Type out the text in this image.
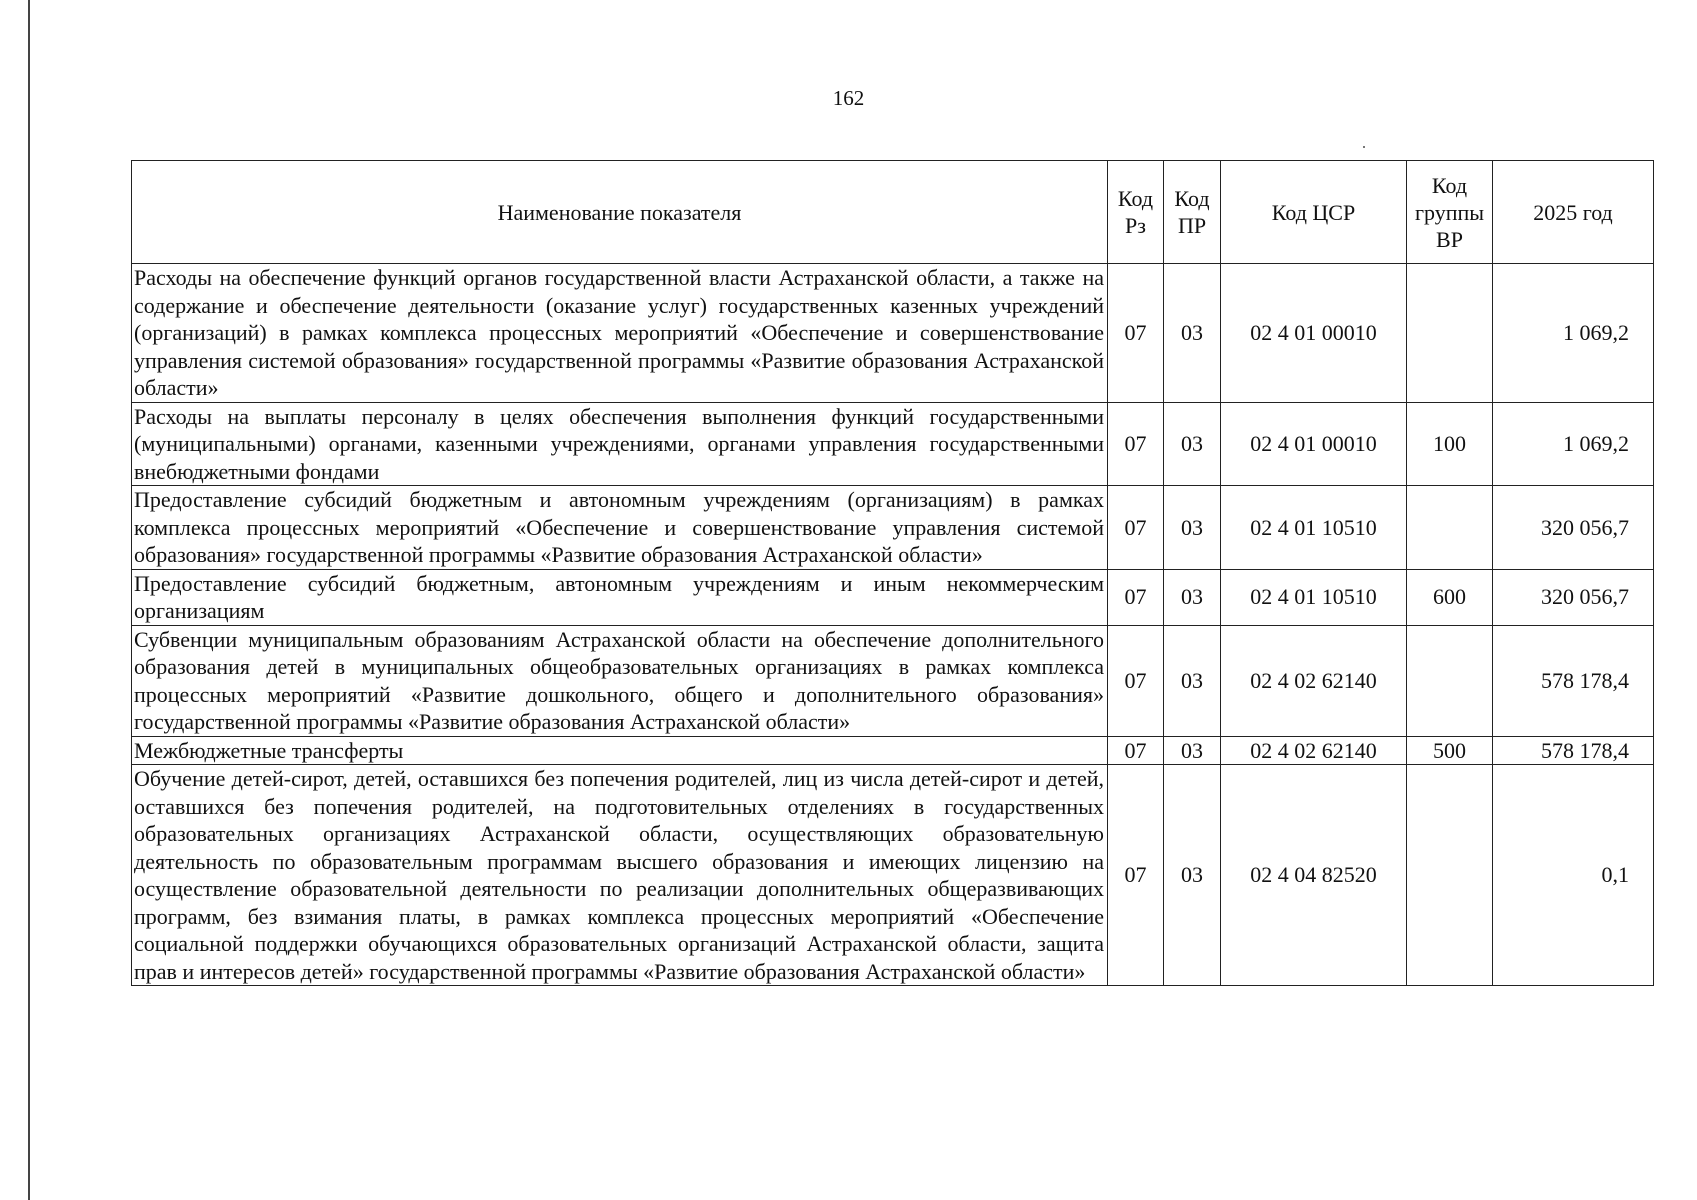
162
Наименование показателя	Код Рз	Код ПР	Код ЦСР	Код группы ВР	2025 год
Расходы на обеспечение функций органов государственной власти Астраханской области, а также на содержание и обеспечение деятельности (оказание услуг) государственных казенных учреждений (организаций) в рамках комплекса процессных мероприятий «Обеспечение и совершенствование управления системой образования» государственной программы «Развитие образования Астраханской области»	07	03	02 4 01 00010		1 069,2
Расходы на выплаты персоналу в целях обеспечения выполнения функций государственными (муниципальными) органами, казенными учреждениями, органами управления государственными внебюджетными фондами	07	03	02 4 01 00010	100	1 069,2
Предоставление субсидий бюджетным и автономным учреждениям (организациям) в рамках комплекса процессных мероприятий «Обеспечение и совершенствование управления системой образования» государственной программы «Развитие образования Астраханской области»	07	03	02 4 01 10510		320 056,7
Предоставление субсидий бюджетным, автономным учреждениям и иным некоммерческим организациям	07	03	02 4 01 10510	600	320 056,7
Субвенции муниципальным образованиям Астраханской области на обеспечение дополнительного образования детей в муниципальных общеобразовательных организациях в рамках комплекса процессных мероприятий «Развитие дошкольного, общего и дополнительного образования» государственной программы «Развитие образования Астраханской области»	07	03	02 4 02 62140		578 178,4
Межбюджетные трансферты	07	03	02 4 02 62140	500	578 178,4
Обучение детей-сирот, детей, оставшихся без попечения родителей, лиц из числа детей-сирот и детей, оставшихся без попечения родителей, на подготовительных отделениях в государственных образовательных организациях Астраханской области, осуществляющих образовательную деятельность по образовательным программам высшего образования и имеющих лицензию на осуществление образовательной деятельности по реализации дополнительных общеразвивающих программ, без взимания платы, в рамках комплекса процессных мероприятий «Обеспечение социальной поддержки обучающихся образовательных организаций Астраханской области, защита прав и интересов детей» государственной программы «Развитие образования Астраханской области»	07	03	02 4 04 82520		0,1
